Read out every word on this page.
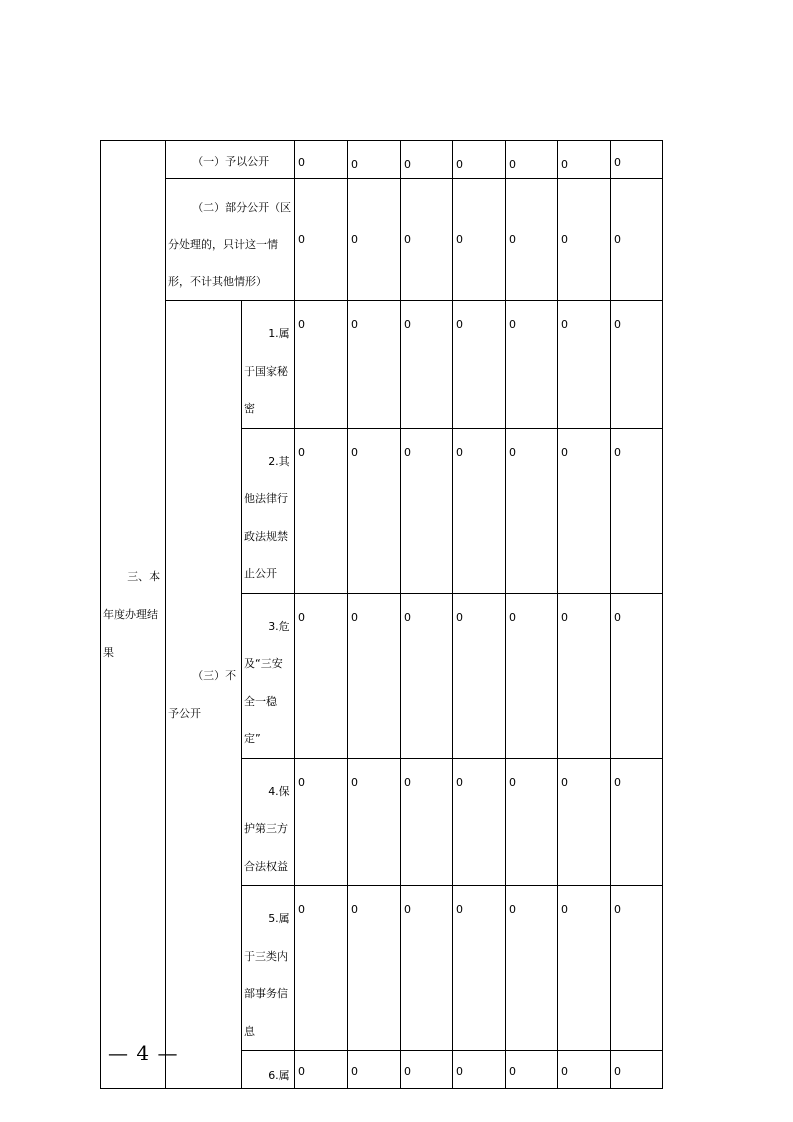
三、本年度办理结果	（一）予以公开		0	0	0	0	0	0	0
	（二）部分公开（区分处理的，只计这一情形，不计其他情形）		0	0	0	0	0	0	0
	（三）不予公开	1.属于国家秘密	0	0	0	0	0	0	0
		2.其他法律行政法规禁止公开	0	0	0	0	0	0	0
		3.危及“三安全一稳定”	0	0	0	0	0	0	0
		4.保护第三方合法权益	0	0	0	0	0	0	0
		5.属于三类内部事务信息	0	0	0	0	0	0	0
		6.属	0	0	0	0	0	0	0
— 4 —
